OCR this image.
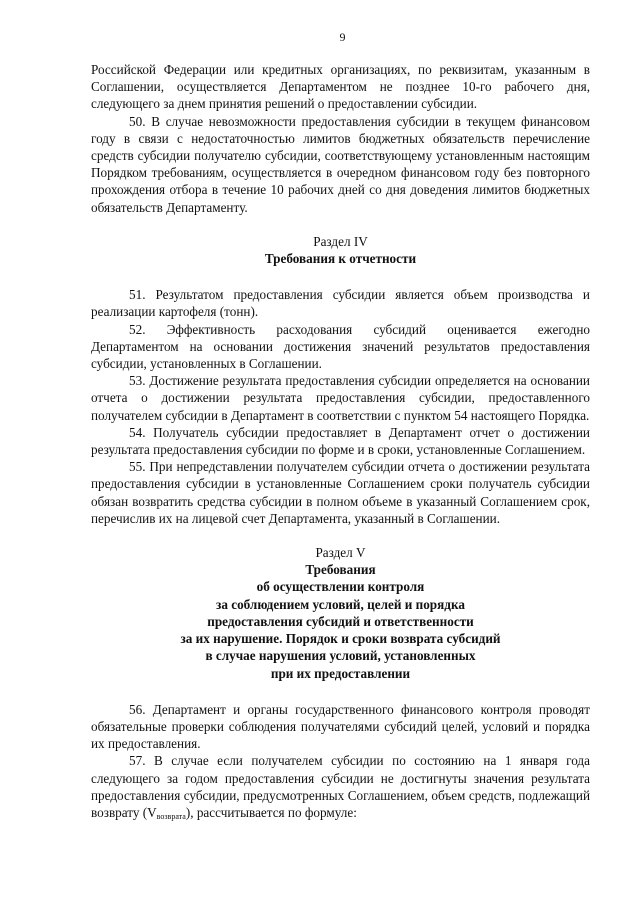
9

Российской Федерации или кредитных организациях, по реквизитам, указанным в Соглашении, осуществляется Департаментом не позднее 10-го рабочего дня, следующего за днем принятия решений о предоставлении субсидии.

50. В случае невозможности предоставления субсидии в текущем финансовом году в связи с недостаточностью лимитов бюджетных обязательств перечисление средств субсидии получателю субсидии, соответствующему установленным настоящим Порядком требованиям, осуществляется в очередном финансовом году без повторного прохождения отбора в течение 10 рабочих дней со дня доведения лимитов бюджетных обязательств Департаменту.

Раздел IV
Требования к отчетности

51. Результатом предоставления субсидии является объем производства и реализации картофеля (тонн).

52. Эффективность расходования субсидий оценивается ежегодно Департаментом на основании достижения значений результатов предоставления субсидии, установленных в Соглашении.

53. Достижение результата предоставления субсидии определяется на основании отчета о достижении результата предоставления субсидии, предоставленного получателем субсидии в Департамент в соответствии с пунктом 54 настоящего Порядка.

54. Получатель субсидии предоставляет в Департамент отчет о достижении результата предоставления субсидии по форме и в сроки, установленные Соглашением.

55. При непредставлении получателем субсидии отчета о достижении результата предоставления субсидии в установленные Соглашением сроки получатель субсидии обязан возвратить средства субсидии в полном объеме в указанный Соглашением срок, перечислив их на лицевой счет Департамента, указанный в Соглашении.

Раздел V
Требования
об осуществлении контроля
за соблюдением условий, целей и порядка
предоставления субсидий и ответственности
за их нарушение. Порядок и сроки возврата субсидий
в случае нарушения условий, установленных
при их предоставлении

56. Департамент и органы государственного финансового контроля проводят обязательные проверки соблюдения получателями субсидий целей, условий и порядка их предоставления.

57. В случае если получателем субсидии по состоянию на 1 января года следующего за годом предоставления субсидии не достигнуты значения результата предоставления субсидии, предусмотренных Соглашением, объем средств, подлежащий возврату $(V_{возврата})$, рассчитывается по формуле:
